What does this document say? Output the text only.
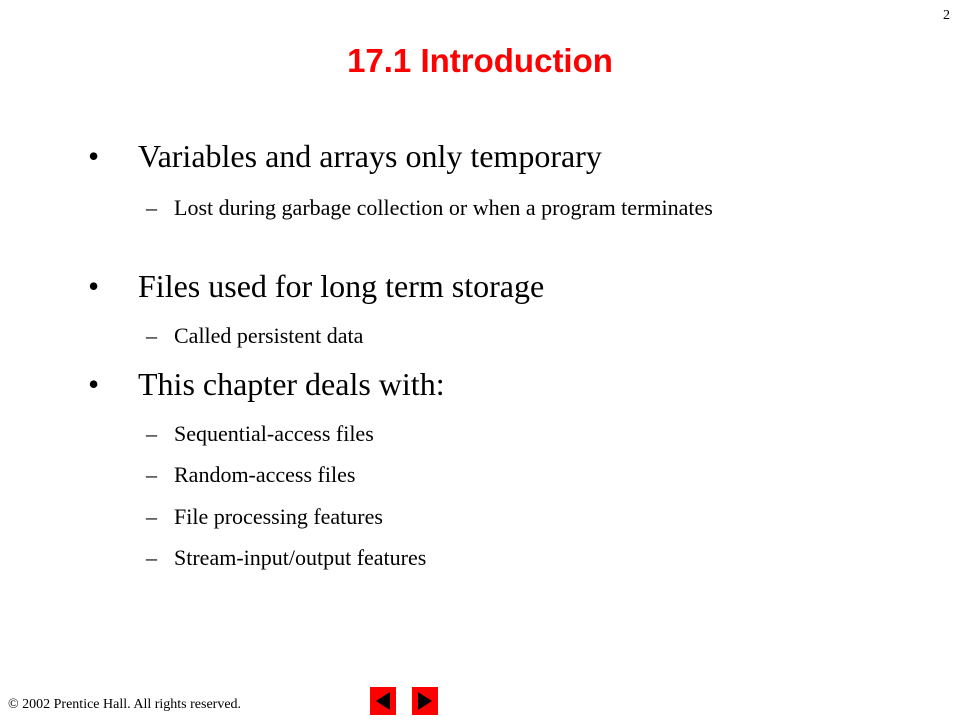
2
17.1 Introduction
• Variables and arrays only temporary
– Lost during garbage collection or when a program terminates
• Files used for long term storage
– Called persistent data
• This chapter deals with:
– Sequential-access files
– Random-access files
– File processing features
– Stream-input/output features
© 2002 Prentice Hall. All rights reserved.
